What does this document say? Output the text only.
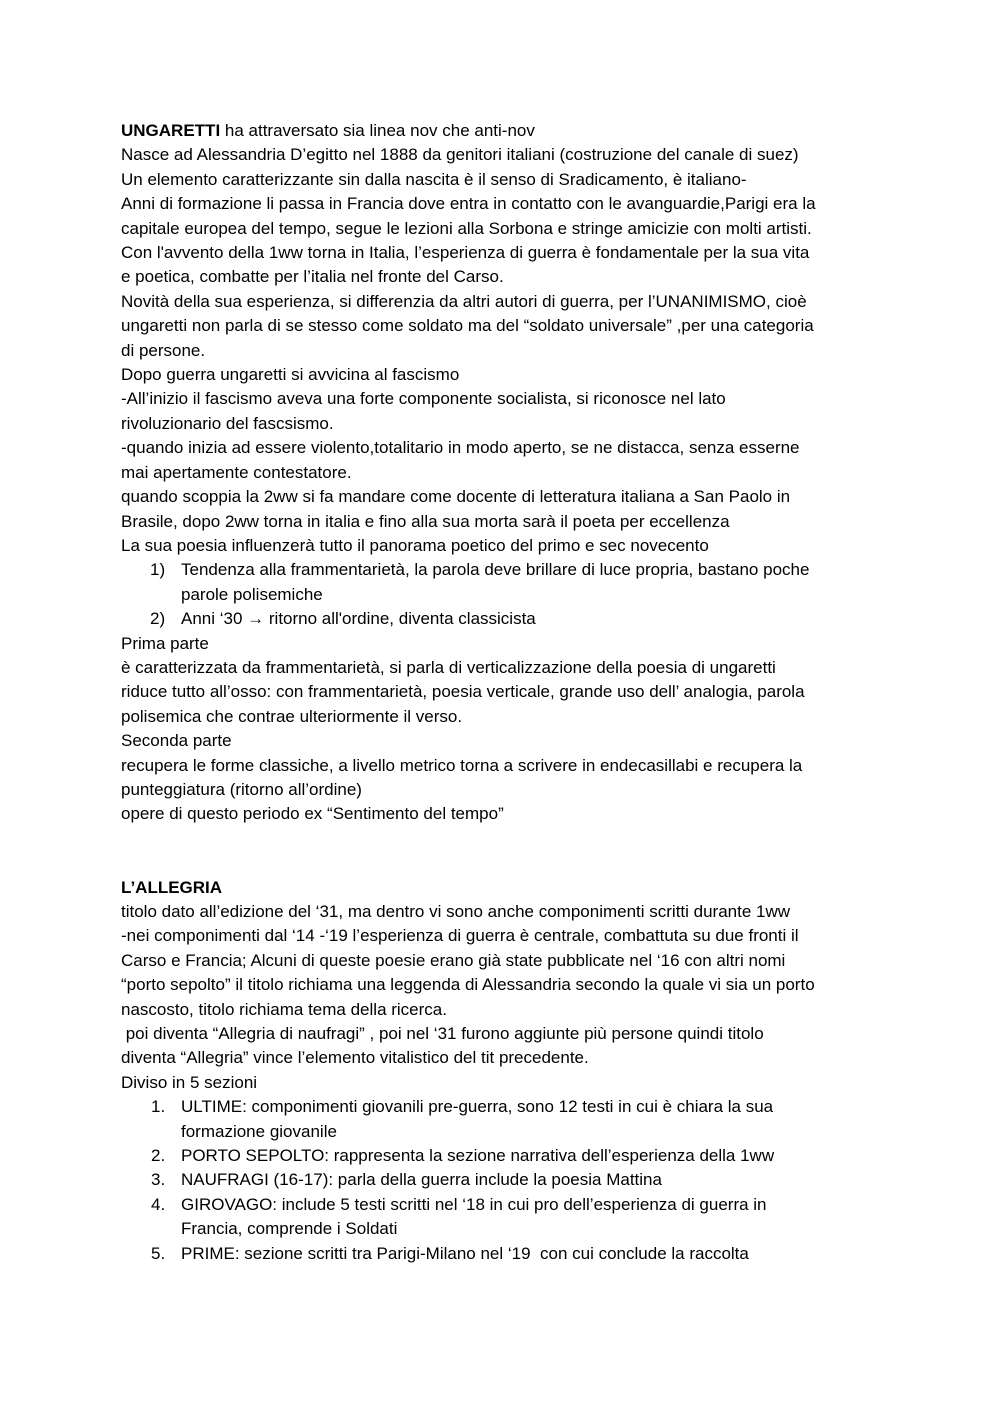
UNGARETTI ha attraversato sia linea nov che anti-nov
Nasce ad Alessandria D’egitto nel 1888 da genitori italiani (costruzione del canale di suez)
Un elemento caratterizzante sin dalla nascita è il senso di Sradicamento, è italiano-
Anni di formazione li passa in Francia dove entra in contatto con le avanguardie,Parigi era la
capitale europea del tempo, segue le lezioni alla Sorbona e stringe amicizie con molti artisti.
Con l'avvento della 1ww torna in Italia, l’esperienza di guerra è fondamentale per la sua vita
e poetica, combatte per l’italia nel fronte del Carso.
Novità della sua esperienza, si differenzia da altri autori di guerra, per l’UNANIMISMO, cioè
ungaretti non parla di se stesso come soldato ma del “soldato universale” ,per una categoria
di persone.
Dopo guerra ungaretti si avvicina al fascismo
-All’inizio il fascismo aveva una forte componente socialista, si riconosce nel lato
rivoluzionario del fascsismo.
-quando inizia ad essere violento,totalitario in modo aperto, se ne distacca, senza esserne
mai apertamente contestatore.
quando scoppia la 2ww si fa mandare come docente di letteratura italiana a San Paolo in
Brasile, dopo 2ww torna in italia e fino alla sua morta sarà il poeta per eccellenza
La sua poesia influenzerà tutto il panorama poetico del primo e sec novecento
1) Tendenza alla frammentarietà, la parola deve brillare di luce propria, bastano poche
parole polisemiche
2) Anni ‘30 → ritorno all'ordine, diventa classicista
Prima parte
è caratterizzata da frammentarietà, si parla di verticalizzazione della poesia di ungaretti
riduce tutto all’osso: con frammentarietà, poesia verticale, grande uso dell’ analogia, parola
polisemica che contrae ulteriormente il verso.
Seconda parte
recupera le forme classiche, a livello metrico torna a scrivere in endecasillabi e recupera la
punteggiatura (ritorno all’ordine)
opere di questo periodo ex “Sentimento del tempo”
L’ALLEGRIA
titolo dato all’edizione del ‘31, ma dentro vi sono anche componimenti scritti durante 1ww
-nei componimenti dal ‘14 -‘19 l’esperienza di guerra è centrale, combattuta su due fronti il
Carso e Francia; Alcuni di queste poesie erano già state pubblicate nel ‘16 con altri nomi
“porto sepolto” il titolo richiama una leggenda di Alessandria secondo la quale vi sia un porto
nascosto, titolo richiama tema della ricerca.
poi diventa “Allegria di naufragi” , poi nel ‘31 furono aggiunte più persone quindi titolo
diventa “Allegria” vince l’elemento vitalistico del tit precedente.
Diviso in 5 sezioni
1. ULTIME: componimenti giovanili pre-guerra, sono 12 testi in cui è chiara la sua
formazione giovanile
2. PORTO SEPOLTO: rappresenta la sezione narrativa dell’esperienza della 1ww
3. NAUFRAGI (16-17): parla della guerra include la poesia Mattina
4. GIROVAGO: include 5 testi scritti nel ‘18 in cui pro dell’esperienza di guerra in
Francia, comprende i Soldati
5. PRIME: sezione scritti tra Parigi-Milano nel ‘19  con cui conclude la raccolta
